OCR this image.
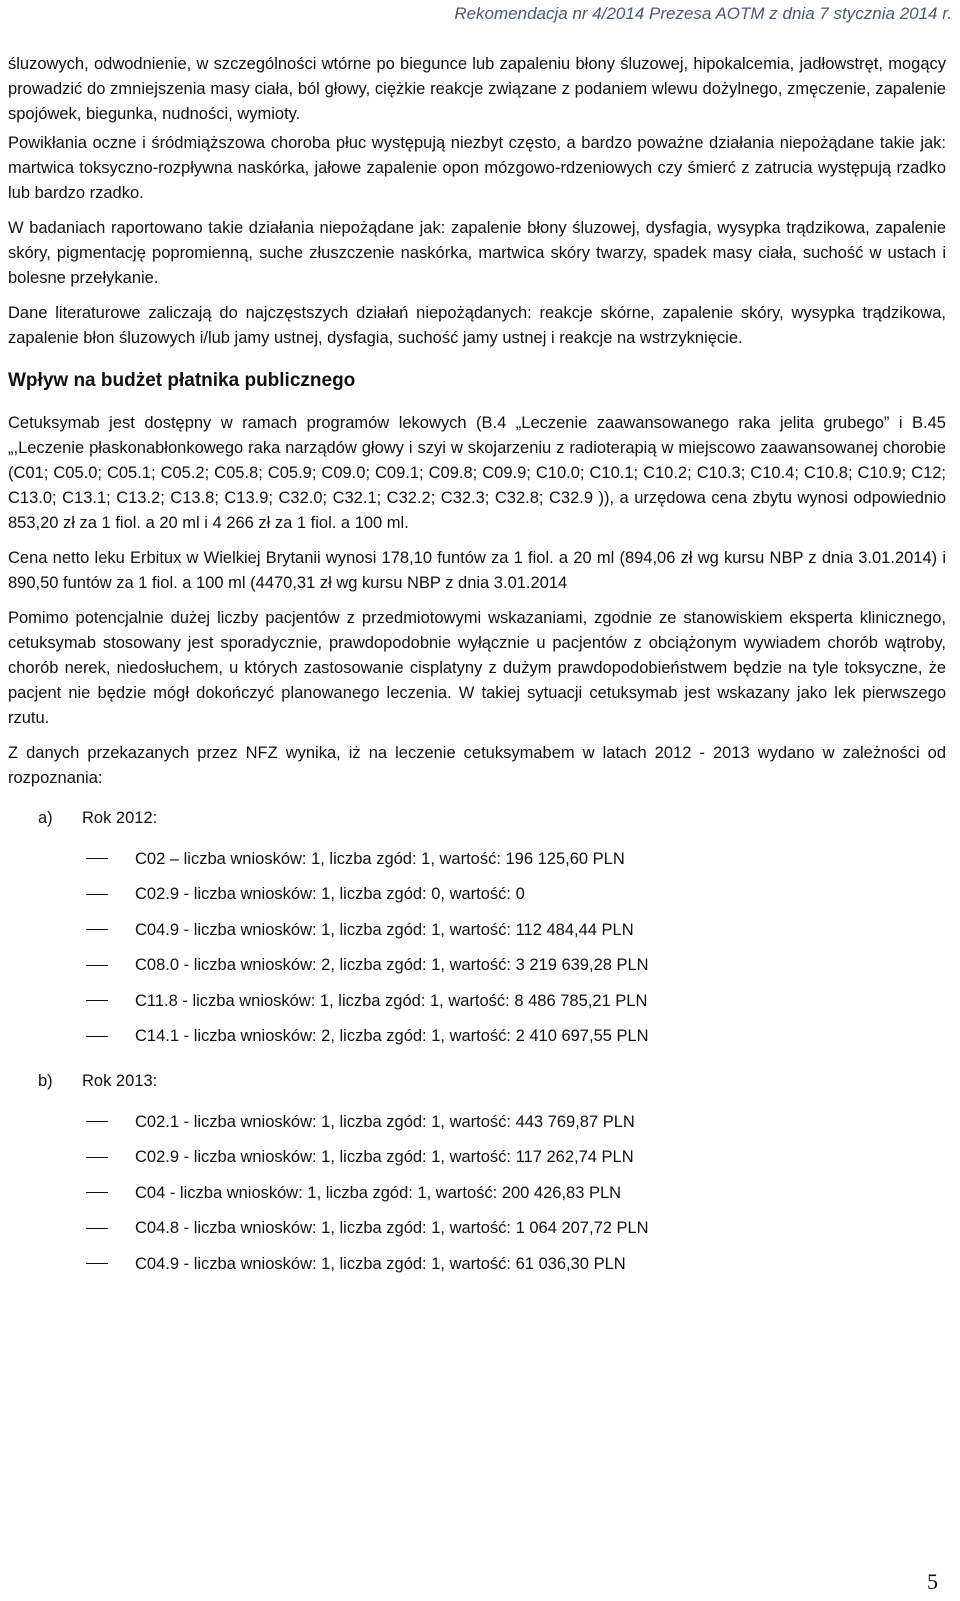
Rekomendacja nr 4/2014 Prezesa AOTM z dnia 7 stycznia 2014 r.

śluzowych, odwodnienie, w szczególności wtórne po biegunce lub zapaleniu błony śluzowej, hipokalcemia, jadłowstręt, mogący prowadzić do zmniejszenia masy ciała, ból głowy, ciężkie reakcje związane z podaniem wlewu dożylnego, zmęczenie, zapalenie spojówek, biegunka, nudności, wymioty.

Powikłania oczne i śródmiąższowa choroba płuc występują niezbyt często, a bardzo poważne działania niepożądane takie jak: martwica toksyczno-rozpływna naskórka, jałowe zapalenie opon mózgowo-rdzeniowych czy śmierć z zatrucia występują rzadko lub bardzo rzadko.

W badaniach raportowano takie działania niepożądane jak: zapalenie błony śluzowej, dysfagia, wysypka trądzikowa, zapalenie skóry, pigmentację popromienną, suche złuszczenie naskórka, martwica skóry twarzy, spadek masy ciała, suchość w ustach i bolesne przełykanie.

Dane literaturowe zaliczają do najczęstszych działań niepożądanych: reakcje skórne, zapalenie skóry, wysypka trądzikowa, zapalenie błon śluzowych i/lub jamy ustnej, dysfagia, suchość jamy ustnej i reakcje na wstrzyknięcie.

Wpływ na budżet płatnika publicznego

Cetuksymab jest dostępny w ramach programów lekowych (B.4 „Leczenie zaawansowanego raka jelita grubego” i B.45 „,Leczenie płaskonabłonkowego raka narządów głowy i szyi w skojarzeniu z radioterapią w miejscowo zaawansowanej chorobie (C01; C05.0; C05.1; C05.2; C05.8; C05.9; C09.0; C09.1; C09.8; C09.9; C10.0; C10.1; C10.2; C10.3; C10.4; C10.8; C10.9; C12; C13.0; C13.1; C13.2; C13.8; C13.9; C32.0; C32.1; C32.2; C32.3; C32.8; C32.9 )), a urzędowa cena zbytu wynosi odpowiednio 853,20 zł za 1 fiol. a 20 ml i 4 266 zł za 1 fiol. a 100 ml.

Cena netto leku Erbitux w Wielkiej Brytanii wynosi 178,10 funtów za 1 fiol. a 20 ml (894,06 zł wg kursu NBP z dnia 3.01.2014) i 890,50 funtów za 1 fiol. a 100 ml (4470,31 zł wg kursu NBP z dnia 3.01.2014

Pomimo potencjalnie dużej liczby pacjentów z przedmiotowymi wskazaniami, zgodnie ze stanowiskiem eksperta klinicznego, cetuksymab stosowany jest sporadycznie, prawdopodobnie wyłącznie u pacjentów z obciążonym wywiadem chorób wątroby, chorób nerek, niedosłuchem, u których zastosowanie cisplatyny z dużym prawdopodobieństwem będzie na tyle toksyczne, że pacjent nie będzie mógł dokończyć planowanego leczenia. W takiej sytuacji cetuksymab jest wskazany jako lek pierwszego rzutu.

Z danych przekazanych przez NFZ wynika, iż na leczenie cetuksymabem w latach 2012 - 2013 wydano w zależności od rozpoznania:

a)	Rok 2012:
C02 – liczba wniosków: 1, liczba zgód: 1, wartość: 196 125,60 PLN
C02.9 - liczba wniosków: 1, liczba zgód: 0, wartość: 0
C04.9 - liczba wniosków: 1, liczba zgód: 1, wartość: 112 484,44 PLN
C08.0 - liczba wniosków: 2, liczba zgód: 1, wartość: 3 219 639,28 PLN
C11.8 - liczba wniosków: 1, liczba zgód: 1, wartość: 8 486 785,21 PLN
C14.1 - liczba wniosków: 2, liczba zgód: 1, wartość: 2 410 697,55 PLN
b)	Rok 2013:
C02.1 - liczba wniosków: 1, liczba zgód: 1, wartość: 443 769,87 PLN
C02.9 - liczba wniosków: 1, liczba zgód: 1, wartość: 117 262,74 PLN
C04 - liczba wniosków: 1, liczba zgód: 1, wartość: 200 426,83 PLN
C04.8 - liczba wniosków: 1, liczba zgód: 1, wartość: 1 064 207,72 PLN
C04.9 - liczba wniosków: 1, liczba zgód: 1, wartość: 61 036,30 PLN
5
